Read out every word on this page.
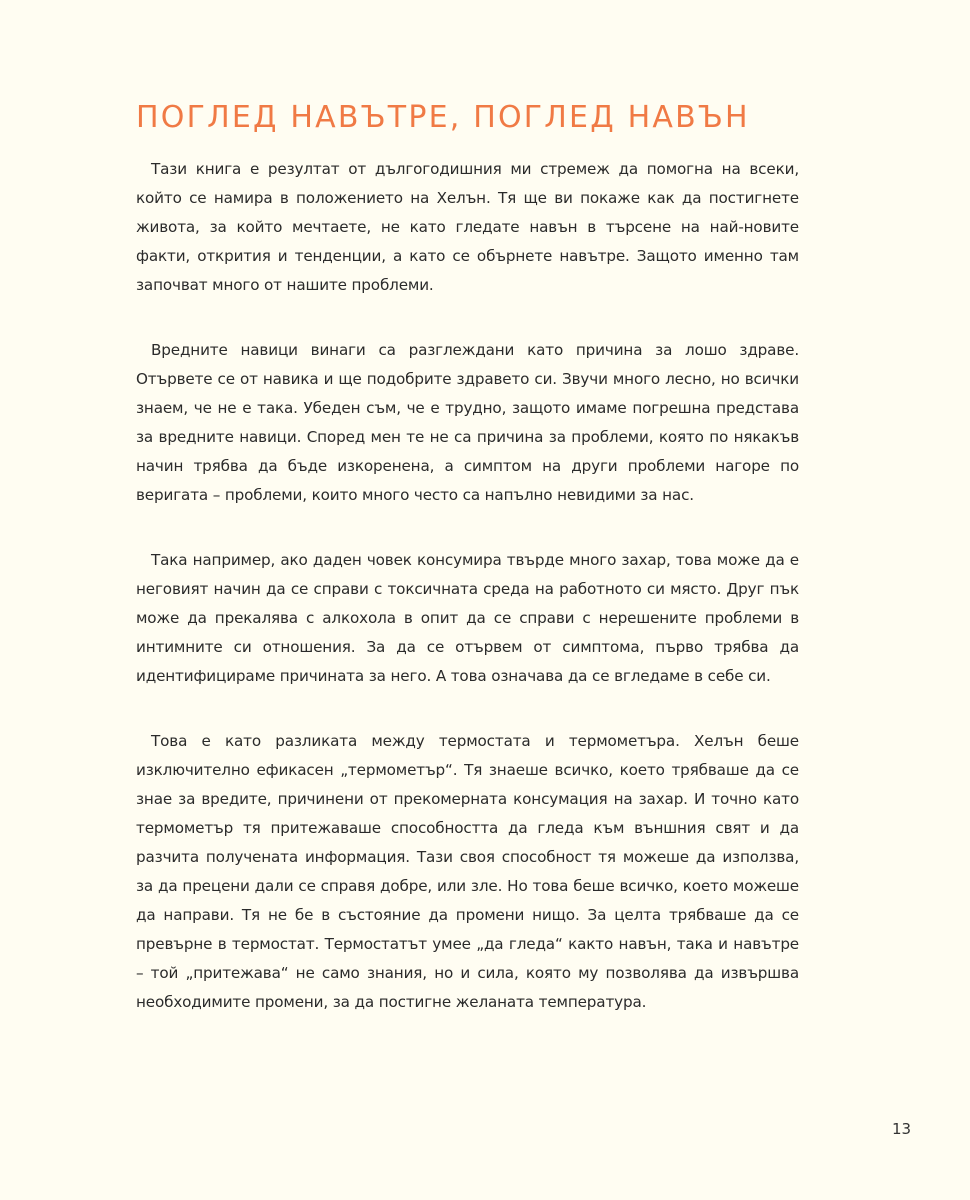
ПОГЛЕД НАВЪТРЕ, ПОГЛЕД НАВЪН

Тази книга е резултат от дългогодишния ми стремеж да помогна на всеки, който се намира в положението на Хелън. Тя ще ви покаже как да постигнете живота, за който мечтаете, не като гледате навън в търсене на най-новите факти, открития и тенденции, а като се обърнете навътре. Защото именно там започват много от нашите проблеми.

Вредните навици винаги са разглеждани като причина за лошо здраве. Отървете се от навика и ще подобрите здравето си. Звучи много лесно, но всички знаем, че не е така. Убеден съм, че е трудно, защото имаме погрешна представа за вредните навици. Според мен те не са причина за проблеми, която по някакъв начин трябва да бъде изкоренена, а симптом на други проблеми нагоре по веригата – проблеми, които много често са напълно невидими за нас.

Така например, ако даден човек консумира твърде много захар, това може да е неговият начин да се справи с токсичната среда на работното си място. Друг пък може да прекалява с алкохола в опит да се справи с нерешените проблеми в интимните си отношения. За да се отървем от симптома, първо трябва да идентифицираме причината за него. А това означава да се вгледаме в себе си.

Това е като разликата между термостата и термометъра. Хелън беше изключително ефикасен „термометър“. Тя знаеше всичко, което трябваше да се знае за вредите, причинени от прекомерната консумация на захар. И точно като термометър тя притежаваше способността да гледа към външния свят и да разчита получената информация. Тази своя способност тя можеше да използва, за да прецени дали се справя добре, или зле. Но това беше всичко, което можеше да направи. Тя не бе в състояние да промени нищо. За целта трябваше да се превърне в термостат. Термостатът умее „да гледа“ както навън, така и навътре – той „притежава“ не само знания, но и сила, която му позволява да извършва необходимите промени, за да постигне желаната температура.

13
